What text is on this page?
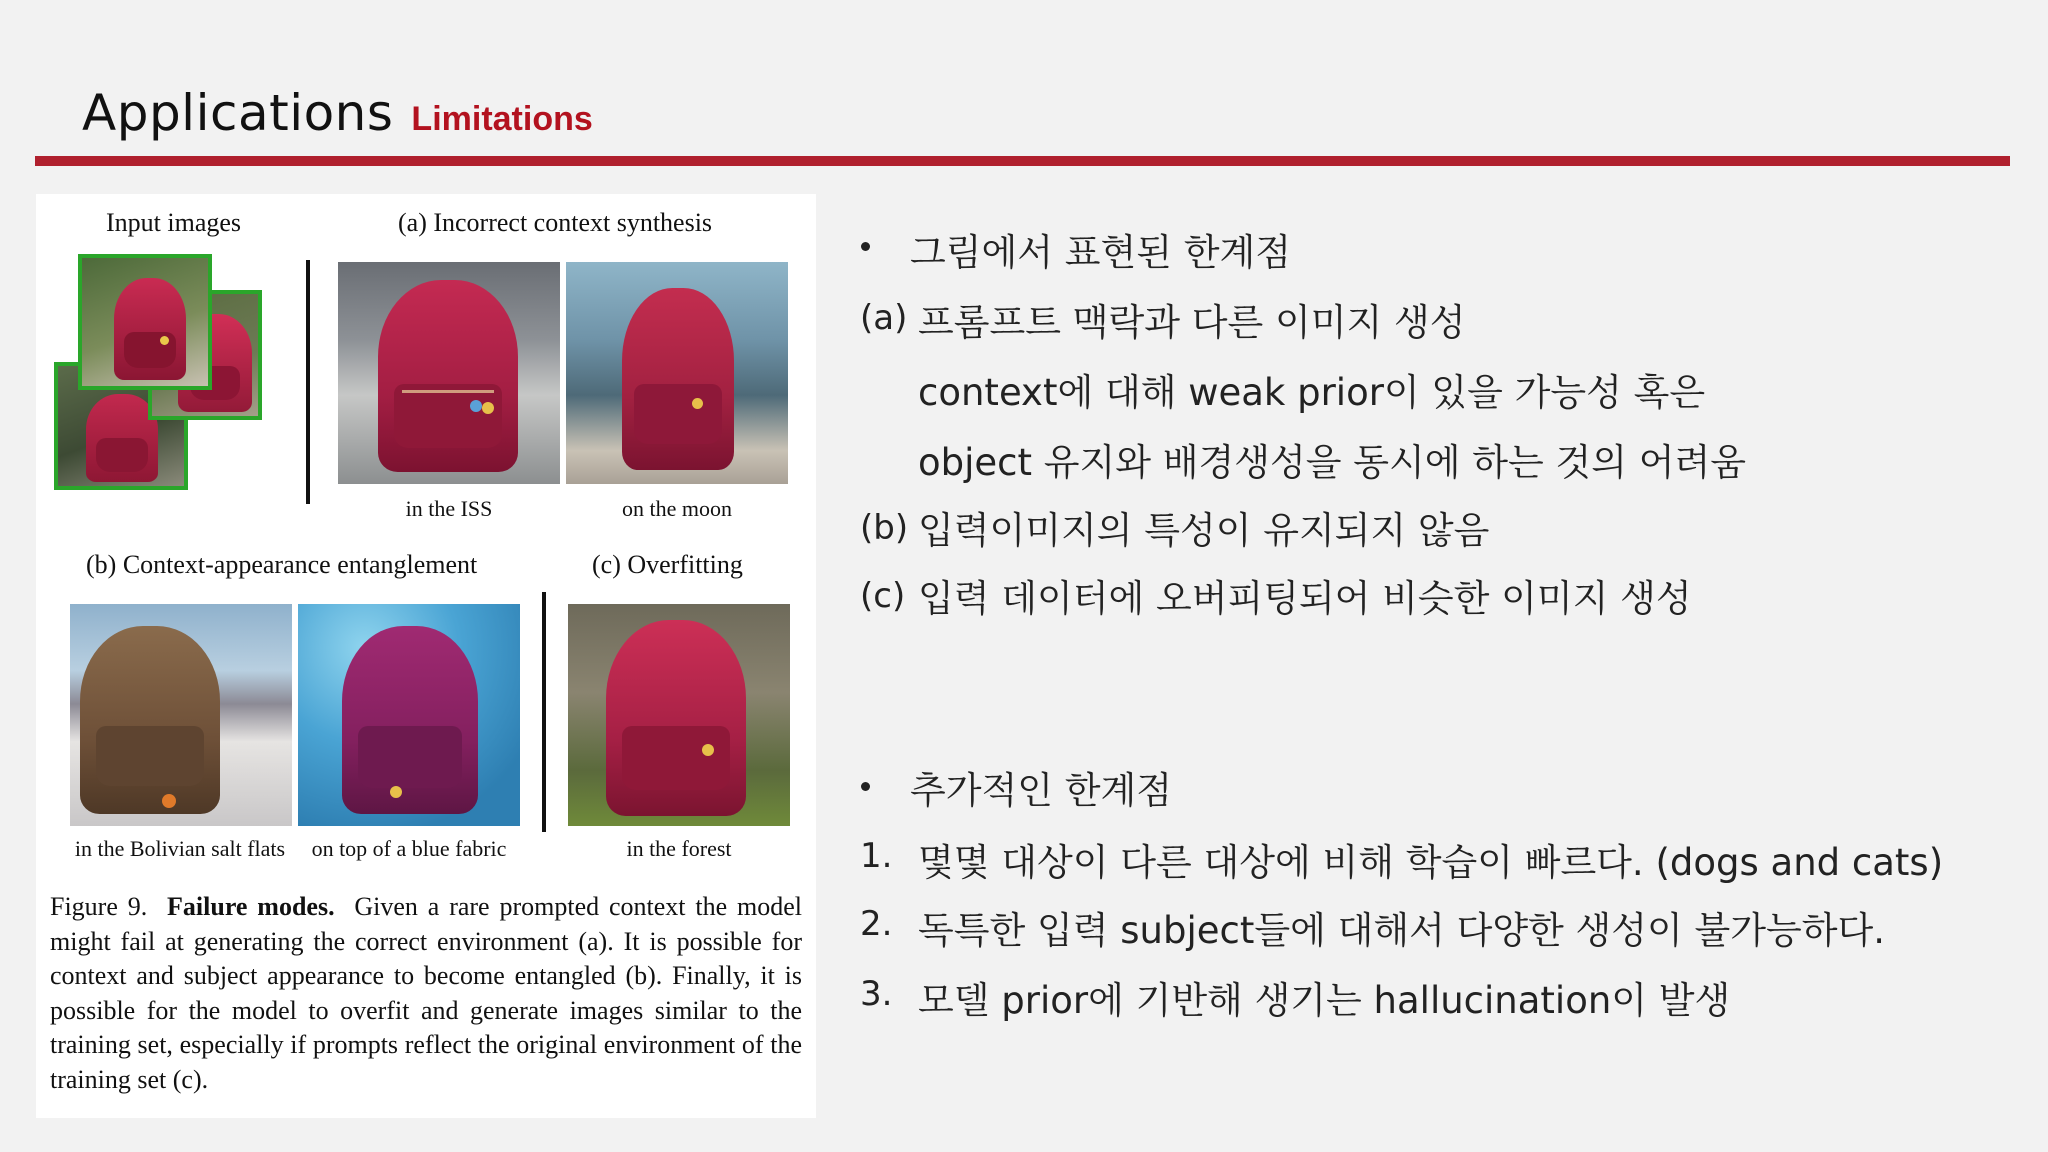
Applications Limitations
Input images	(a) Incorrect context synthesis
in the ISS	on the moon
(b) Context-appearance entanglement	(c) Overfitting
in the Bolivian salt flats	on top of a blue fabric	in the forest
Figure 9. Failure modes. Given a rare prompted context the model might fail at generating the correct environment (a). It is possible for context and subject appearance to become entangled (b). Finally, it is possible for the model to overfit and generate images similar to the training set, especially if prompts reflect the original environment of the training set (c).
그림에서 표현된 한계점
(a) 프롬프트 맥락과 다른 이미지 생성
context에 대해 weak prior이 있을 가능성 혹은
object 유지와 배경생성을 동시에 하는 것의 어려움
(b) 입력이미지의 특성이 유지되지 않음
(c) 입력 데이터에 오버피팅되어 비슷한 이미지 생성
추가적인 한계점
1. 몇몇 대상이 다른 대상에 비해 학습이 빠르다. (dogs and cats)
2. 독특한 입력 subject들에 대해서 다양한 생성이 불가능하다.
3. 모델 prior에 기반해 생기는 hallucination이 발생
